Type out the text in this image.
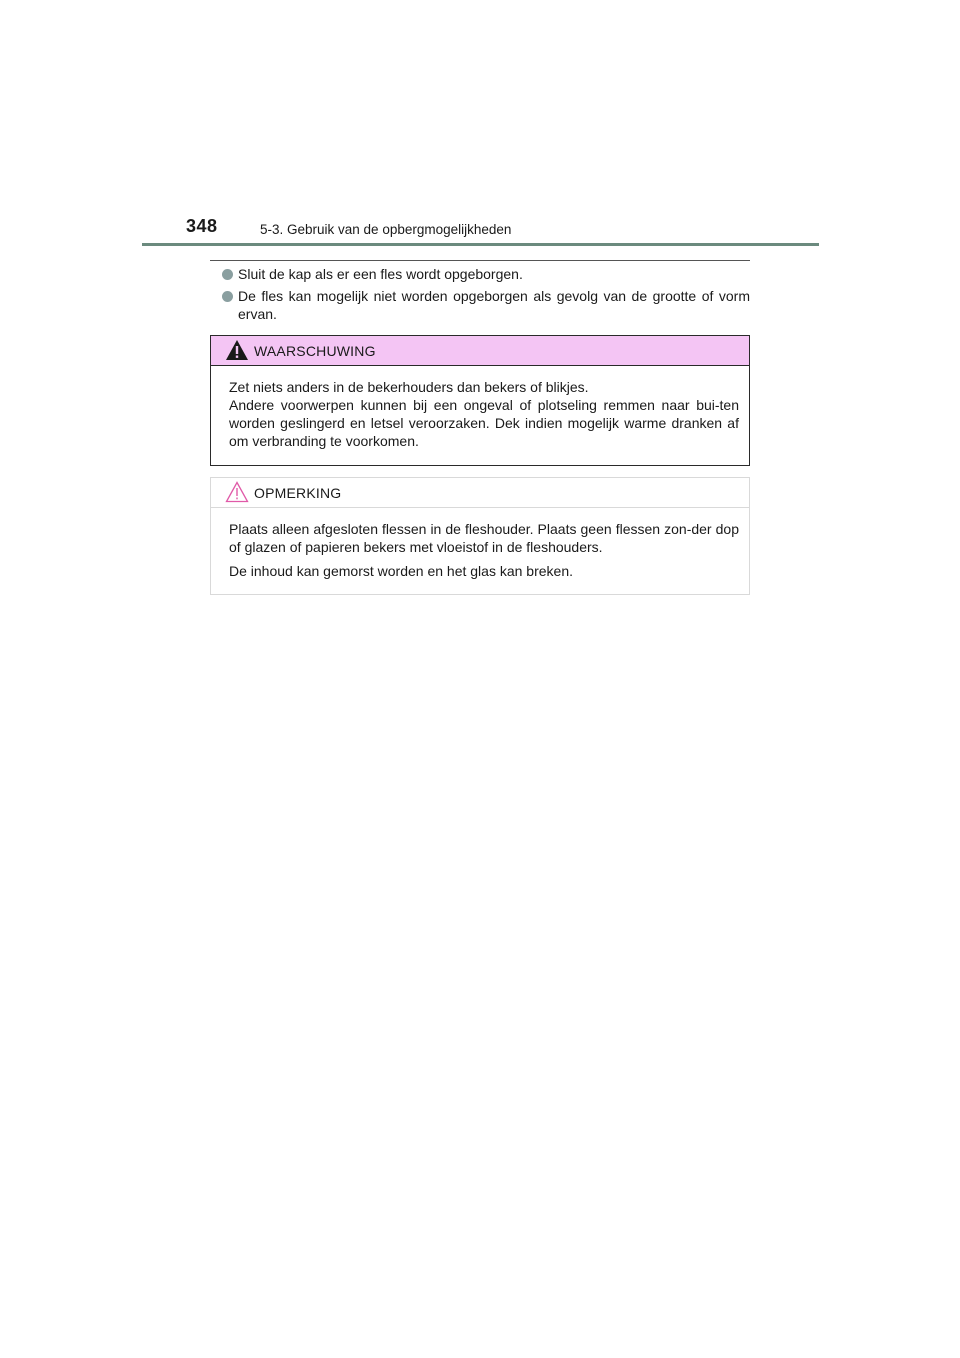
348	5-3. Gebruik van de opbergmogelijkheden
Sluit de kap als er een fles wordt opgeborgen.
De fles kan mogelijk niet worden opgeborgen als gevolg van de grootte of vorm ervan.
WAARSCHUWING

Zet niets anders in de bekerhouders dan bekers of blikjes.

Andere voorwerpen kunnen bij een ongeval of plotseling remmen naar bui-ten worden geslingerd en letsel veroorzaken. Dek indien mogelijk warme dranken af om verbranding te voorkomen.

OPMERKING

Plaats alleen afgesloten flessen in de fleshouder. Plaats geen flessen zon-der dop of glazen of papieren bekers met vloeistof in de fleshouders.

De inhoud kan gemorst worden en het glas kan breken.
